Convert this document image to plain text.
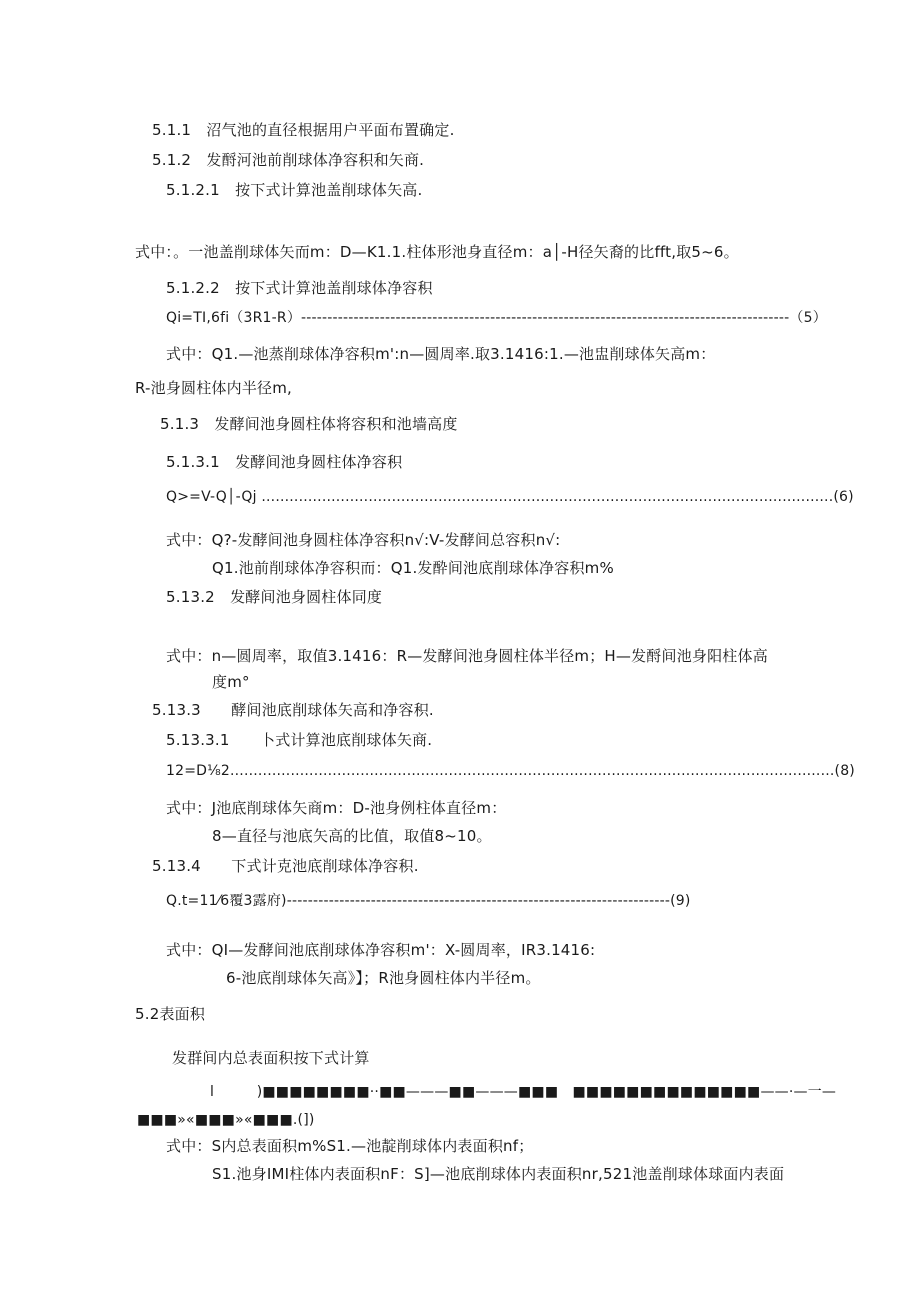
5.1.1　沼气池的直径根据用户平面布置确定.
5.1.2　发酹河池前削球体净容积和矢商.
5.1.2.1　按下式计算池盖削球体矢高.
式中：。一池盖削球体矢而m：D—K1.1.柱体形池身直径m：a│-H径矢裔的比fft,取5~6。
5.1.2.2　按下式计算池盖削球体净容积
Qi=TI,6fi（3R1-R）---------------------------------------------------------------------------------------------（5）
式中：Q1.—池蒸削球体净容积m':n—圆周率.取3.1416:1.—池盅削球体矢高m：
R-池身圆柱体内半径m,
5.1.3　发酵间池身圆柱体将容积和池墙高度
5.1.3.1　发酵间池身圆柱体净容积
Q>=V-Q│-Qj ...........................................................................................................................(6)
式中：Q?-发酵间池身圆柱体净容积n√:V-发酵间总容积n√:
Q1.池前削球体净容积而：Q1.发酔间池底削球体净容积m%
5.13.2　发酵间池身圆柱体同度
式中：n—圆周率，取值3.1416：R—发酵间池身圆柱体半径m；H—发酹间池身阳柱体高
度m°
5.13.3　　酵间池底削球体矢高和净容积.
5.13.3.1　　卜式计算池底削球体矢商.
12=D⅛2..................................................................................................................................(8)
式中：J池底削球体矢商m：D-池身例柱体直径m：
8—直径与池底矢高的比值，取值8~10。
5.13.4　　下式计克池底削球体净容积.
Q.t=11⁄6覆3露府)-------------------------------------------------------------------------(9)
式中：QI—发酵间池底削球体净容积m'：X-圆周率，IR3.1416:
6-池底削球体矢高》】；R池身圆柱体内半径m。
5.2表面积
发群间内总表面积按下式计算
l　　　)■■■■■■■■··■■———■■———■■■　■■■■■■■■■■■■■■——·—一—
■■■»«■■■»«■■■.(])
式中：S内总表面积m%S1.—池靛削球体内表面积nf；
S1.池身IMI柱体内表面积nF：S]—池底削球体内表面积nr,521池盖削球体球面内表面
